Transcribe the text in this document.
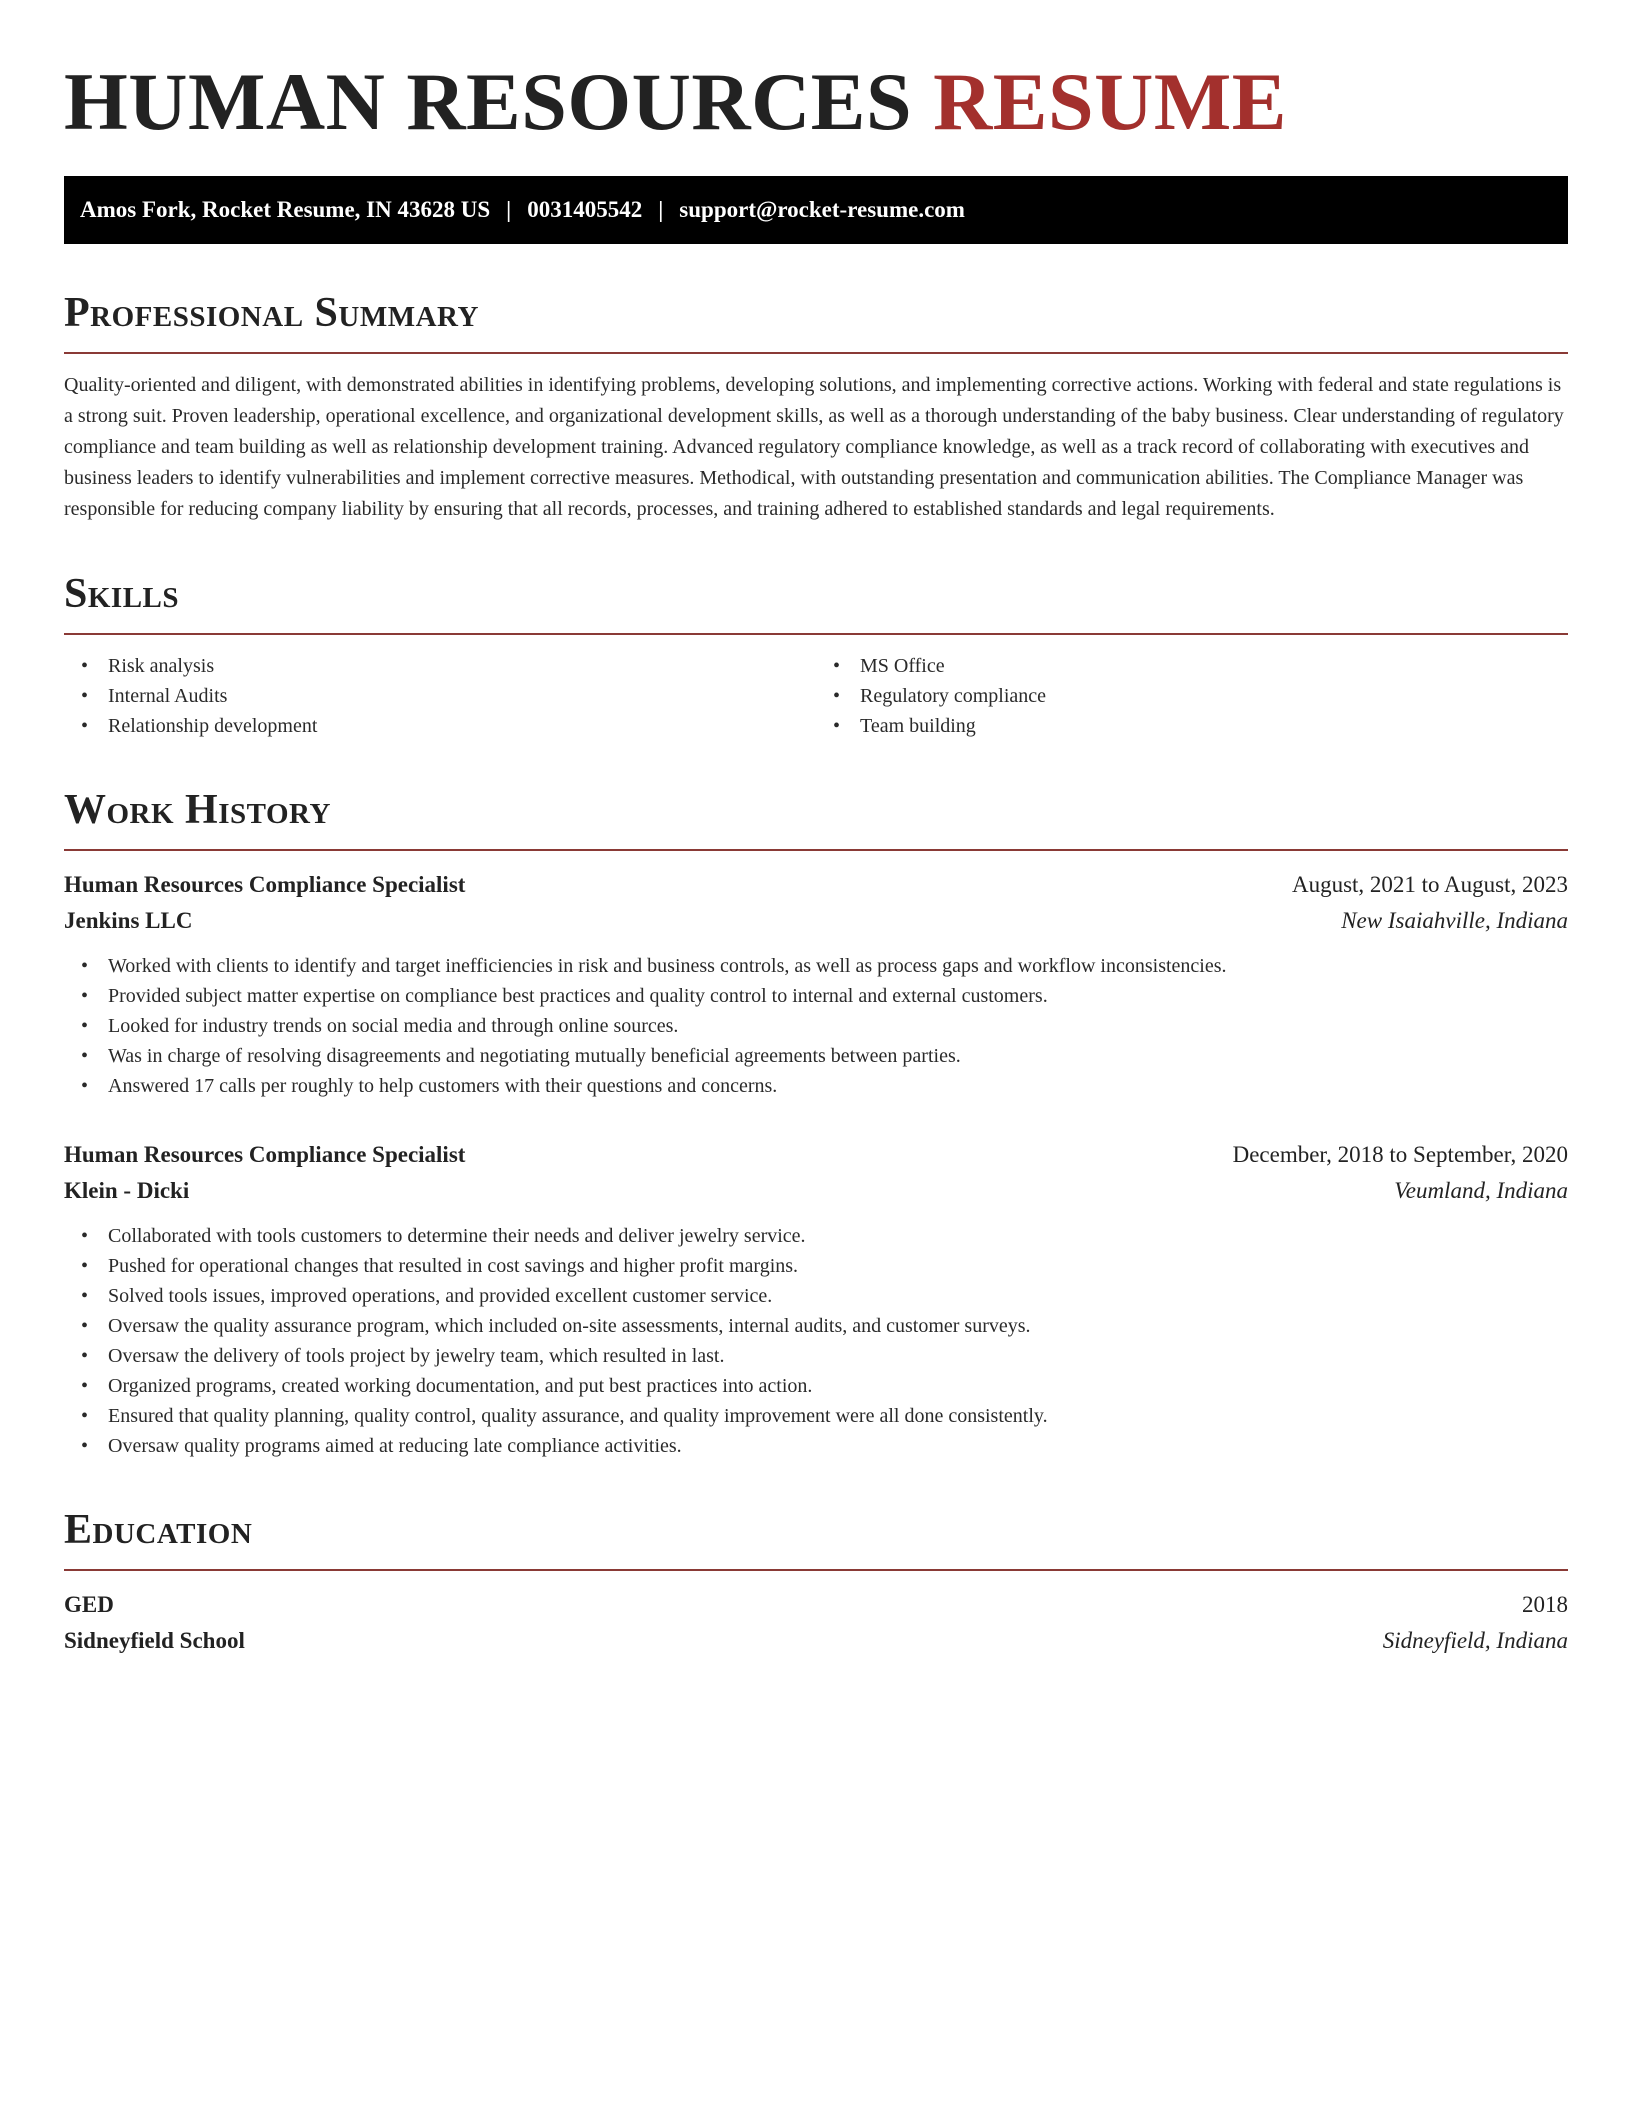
HUMAN RESOURCES RESUME
Amos Fork, Rocket Resume, IN 43628 US | 0031405542 | support@rocket-resume.com
Professional Summary

Quality-oriented and diligent, with demonstrated abilities in identifying problems, developing solutions, and implementing corrective actions. Working with federal and state regulations is a strong suit. Proven leadership, operational excellence, and organizational development skills, as well as a thorough understanding of the baby business. Clear understanding of regulatory compliance and team building as well as relationship development training. Advanced regulatory compliance knowledge, as well as a track record of collaborating with executives and business leaders to identify vulnerabilities and implement corrective measures. Methodical, with outstanding presentation and communication abilities. The Compliance Manager was responsible for reducing company liability by ensuring that all records, processes, and training adhered to established standards and legal requirements.

Skills
• Risk analysis
• Internal Audits
• Relationship development
• MS Office
• Regulatory compliance
• Team building
Work History
Human Resources Compliance Specialist	August, 2021 to August, 2023
Jenkins LLC	New Isaiahville, Indiana
• Worked with clients to identify and target inefficiencies in risk and business controls, as well as process gaps and workflow inconsistencies.
• Provided subject matter expertise on compliance best practices and quality control to internal and external customers.
• Looked for industry trends on social media and through online sources.
• Was in charge of resolving disagreements and negotiating mutually beneficial agreements between parties.
• Answered 17 calls per roughly to help customers with their questions and concerns.
Human Resources Compliance Specialist	December, 2018 to September, 2020
Klein - Dicki	Veumland, Indiana
• Collaborated with tools customers to determine their needs and deliver jewelry service.
• Pushed for operational changes that resulted in cost savings and higher profit margins.
• Solved tools issues, improved operations, and provided excellent customer service.
• Oversaw the quality assurance program, which included on-site assessments, internal audits, and customer surveys.
• Oversaw the delivery of tools project by jewelry team, which resulted in last.
• Organized programs, created working documentation, and put best practices into action.
• Ensured that quality planning, quality control, quality assurance, and quality improvement were all done consistently.
• Oversaw quality programs aimed at reducing late compliance activities.
Education
GED	2018
Sidneyfield School	Sidneyfield, Indiana
